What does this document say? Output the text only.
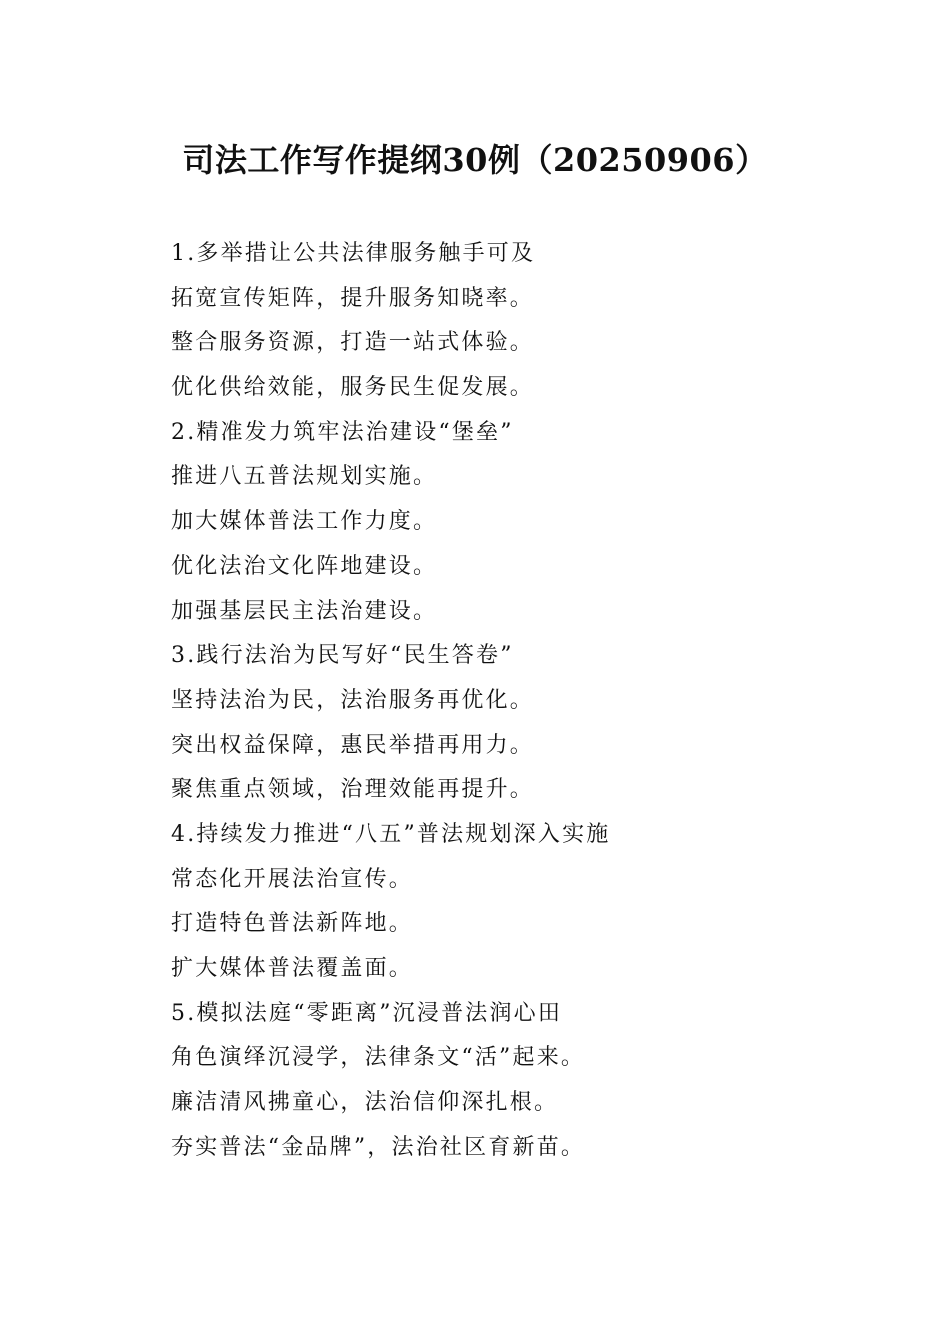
司法工作写作提纲30例（20250906）
1.多举措让公共法律服务触手可及
拓宽宣传矩阵，提升服务知晓率。
整合服务资源，打造一站式体验。
优化供给效能，服务民生促发展。
2.精准发力筑牢法治建设“堡垒”
推进八五普法规划实施。
加大媒体普法工作力度。
优化法治文化阵地建设。
加强基层民主法治建设。
3.践行法治为民写好“民生答卷”
坚持法治为民，法治服务再优化。
突出权益保障，惠民举措再用力。
聚焦重点领域，治理效能再提升。
4.持续发力推进“八五”普法规划深入实施
常态化开展法治宣传。
打造特色普法新阵地。
扩大媒体普法覆盖面。
5.模拟法庭“零距离”沉浸普法润心田
角色演绎沉浸学，法律条文“活”起来。
廉洁清风拂童心，法治信仰深扎根。
夯实普法“金品牌”，法治社区育新苗。
